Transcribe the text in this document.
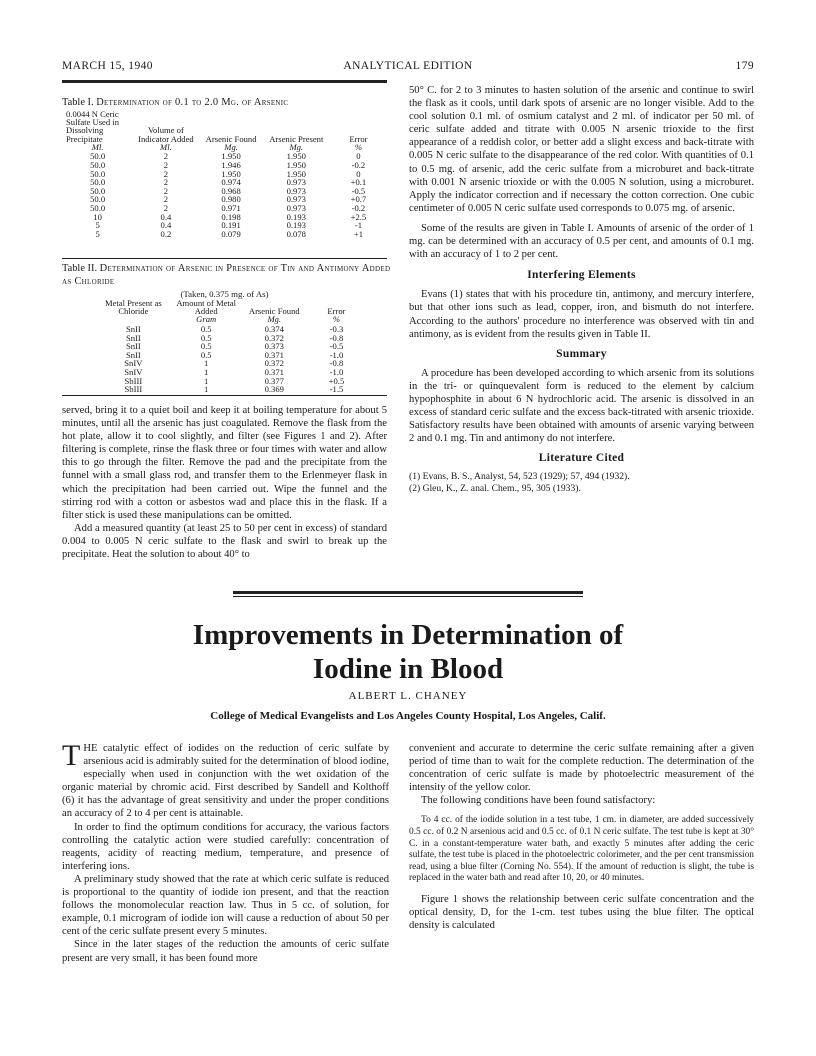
MARCH 15, 1940	ANALYTICAL EDITION	179
Table I. Determination of 0.1 to 2.0 Mg. of Arsenic
0.0044 N Ceric Sulfate Used in Dissolving Precipitate	Volume of Indicator Added	Arsenic Found	Arsenic Present	Error
Ml.	Ml.	Mg.	Mg.	%
50.0	2	1.950	1.950	0
50.0	2	1.946	1.950	-0.2
50.0	2	1.950	1.950	0
50.0	2	0.974	0.973	+0.1
50.0	2	0.968	0.973	-0.5
50.0	2	0.980	0.973	+0.7
50.0	2	0.971	0.973	-0.2
10	0.4	0.198	0.193	+2.5
5	0.4	0.191	0.193	-1
5	0.2	0.079	0.078	+1
Table II. Determination of Arsenic in Presence of Tin and Antimony Added as Chloride
(Taken, 0.375 mg. of As)
Metal Present as Chloride	Amount of Metal Added	Arsenic Found	Error
	Gram	Mg.	%
SnII	0.5	0.374	-0.3
SnII	0.5	0.372	-0.8
SnII	0.5	0.373	-0.5
SnII	0.5	0.371	-1.0
SnIV	1	0.372	-0.8
SnIV	1	0.371	-1.0
SbIII	1	0.377	+0.5
SbIII	1	0.369	-1.5

served, bring it to a quiet boil and keep it at boiling temperature for about 5 minutes, until all the arsenic has just coagulated. Remove the flask from the hot plate, allow it to cool slightly, and filter (see Figures 1 and 2). After filtering is complete, rinse the flask three or four times with water and allow this to go through the filter. Remove the pad and the precipitate from the funnel with a small glass rod, and transfer them to the Erlenmeyer flask in which the precipitation had been carried out. Wipe the funnel and the stirring rod with a cotton or asbestos wad and place this in the flask. If a filter stick is used these manipulations can be omitted.

Add a measured quantity (at least 25 to 50 per cent in excess) of standard 0.004 to 0.005 N ceric sulfate to the flask and swirl to break up the precipitate. Heat the solution to about 40° to

50° C. for 2 to 3 minutes to hasten solution of the arsenic and continue to swirl the flask as it cools, until dark spots of arsenic are no longer visible. Add to the cool solution 0.1 ml. of osmium catalyst and 2 ml. of indicator per 50 ml. of ceric sulfate added and titrate with 0.005 N arsenic trioxide to the first appearance of a reddish color, or better add a slight excess and back-titrate with 0.005 N ceric sulfate to the disappearance of the red color. With quantities of 0.1 to 0.5 mg. of arsenic, add the ceric sulfate from a microburet and back-titrate with 0.001 N arsenic trioxide or with the 0.005 N solution, using a microburet. Apply the indicator correction and if necessary the cotton correction. One cubic centimeter of 0.005 N ceric sulfate used corresponds to 0.075 mg. of arsenic.

Some of the results are given in Table I. Amounts of arsenic of the order of 1 mg. can be determined with an accuracy of 0.5 per cent, and amounts of 0.1 mg. with an accuracy of 1 to 2 per cent.

Interfering Elements

Evans (1) states that with his procedure tin, antimony, and mercury interfere, but that other ions such as lead, copper, iron, and bismuth do not interfere. According to the authors' procedure no interference was observed with tin and antimony, as is evident from the results given in Table II.

Summary

A procedure has been developed according to which arsenic from its solutions in the tri- or quinquevalent form is reduced to the element by calcium hypophosphite in about 6 N hydrochloric acid. The arsenic is dissolved in an excess of standard ceric sulfate and the excess back-titrated with arsenic trioxide. Satisfactory results have been obtained with amounts of arsenic varying between 2 and 0.1 mg. Tin and antimony do not interfere.

Literature Cited

(1) Evans, B. S., Analyst, 54, 523 (1929); 57, 494 (1932).

(2) Gleu, K., Z. anal. Chem., 95, 305 (1933).

Improvements in Determination of
Iodine in Blood
ALBERT L. CHANEY
College of Medical Evangelists and Los Angeles County Hospital, Los Angeles, Calif.

THE catalytic effect of iodides on the reduction of ceric sulfate by arsenious acid is admirably suited for the determination of blood iodine, especially when used in conjunction with the wet oxidation of the organic material by chromic acid. First described by Sandell and Kolthoff (6) it has the advantage of great sensitivity and under the proper conditions an accuracy of 2 to 4 per cent is attainable.

In order to find the optimum conditions for accuracy, the various factors controlling the catalytic action were studied carefully: concentration of reagents, acidity of reacting medium, temperature, and presence of interfering ions.

A preliminary study showed that the rate at which ceric sulfate is reduced is proportional to the quantity of iodide ion present, and that the reaction follows the monomolecular reaction law. Thus in 5 cc. of solution, for example, 0.1 microgram of iodide ion will cause a reduction of about 50 per cent of the ceric sulfate present every 5 minutes.

Since in the later stages of the reduction the amounts of ceric sulfate present are very small, it has been found more

convenient and accurate to determine the ceric sulfate remaining after a given period of time than to wait for the complete reduction. The determination of the concentration of ceric sulfate is made by photoelectric measurement of the intensity of the yellow color.

The following conditions have been found satisfactory:

To 4 cc. of the iodide solution in a test tube, 1 cm. in diameter, are added successively 0.5 cc. of 0.2 N arsenious acid and 0.5 cc. of 0.1 N ceric sulfate. The test tube is kept at 30° C. in a constant-temperature water bath, and exactly 5 minutes after adding the ceric sulfate, the test tube is placed in the photoelectric colorimeter, and the per cent transmission read, using a blue filter (Corning No. 554). If the amount of reduction is slight, the tube is replaced in the water bath and read after 10, 20, or 40 minutes.

Figure 1 shows the relationship between ceric sulfate concentration and the optical density, D, for the 1-cm. test tubes using the blue filter. The optical density is calculated
